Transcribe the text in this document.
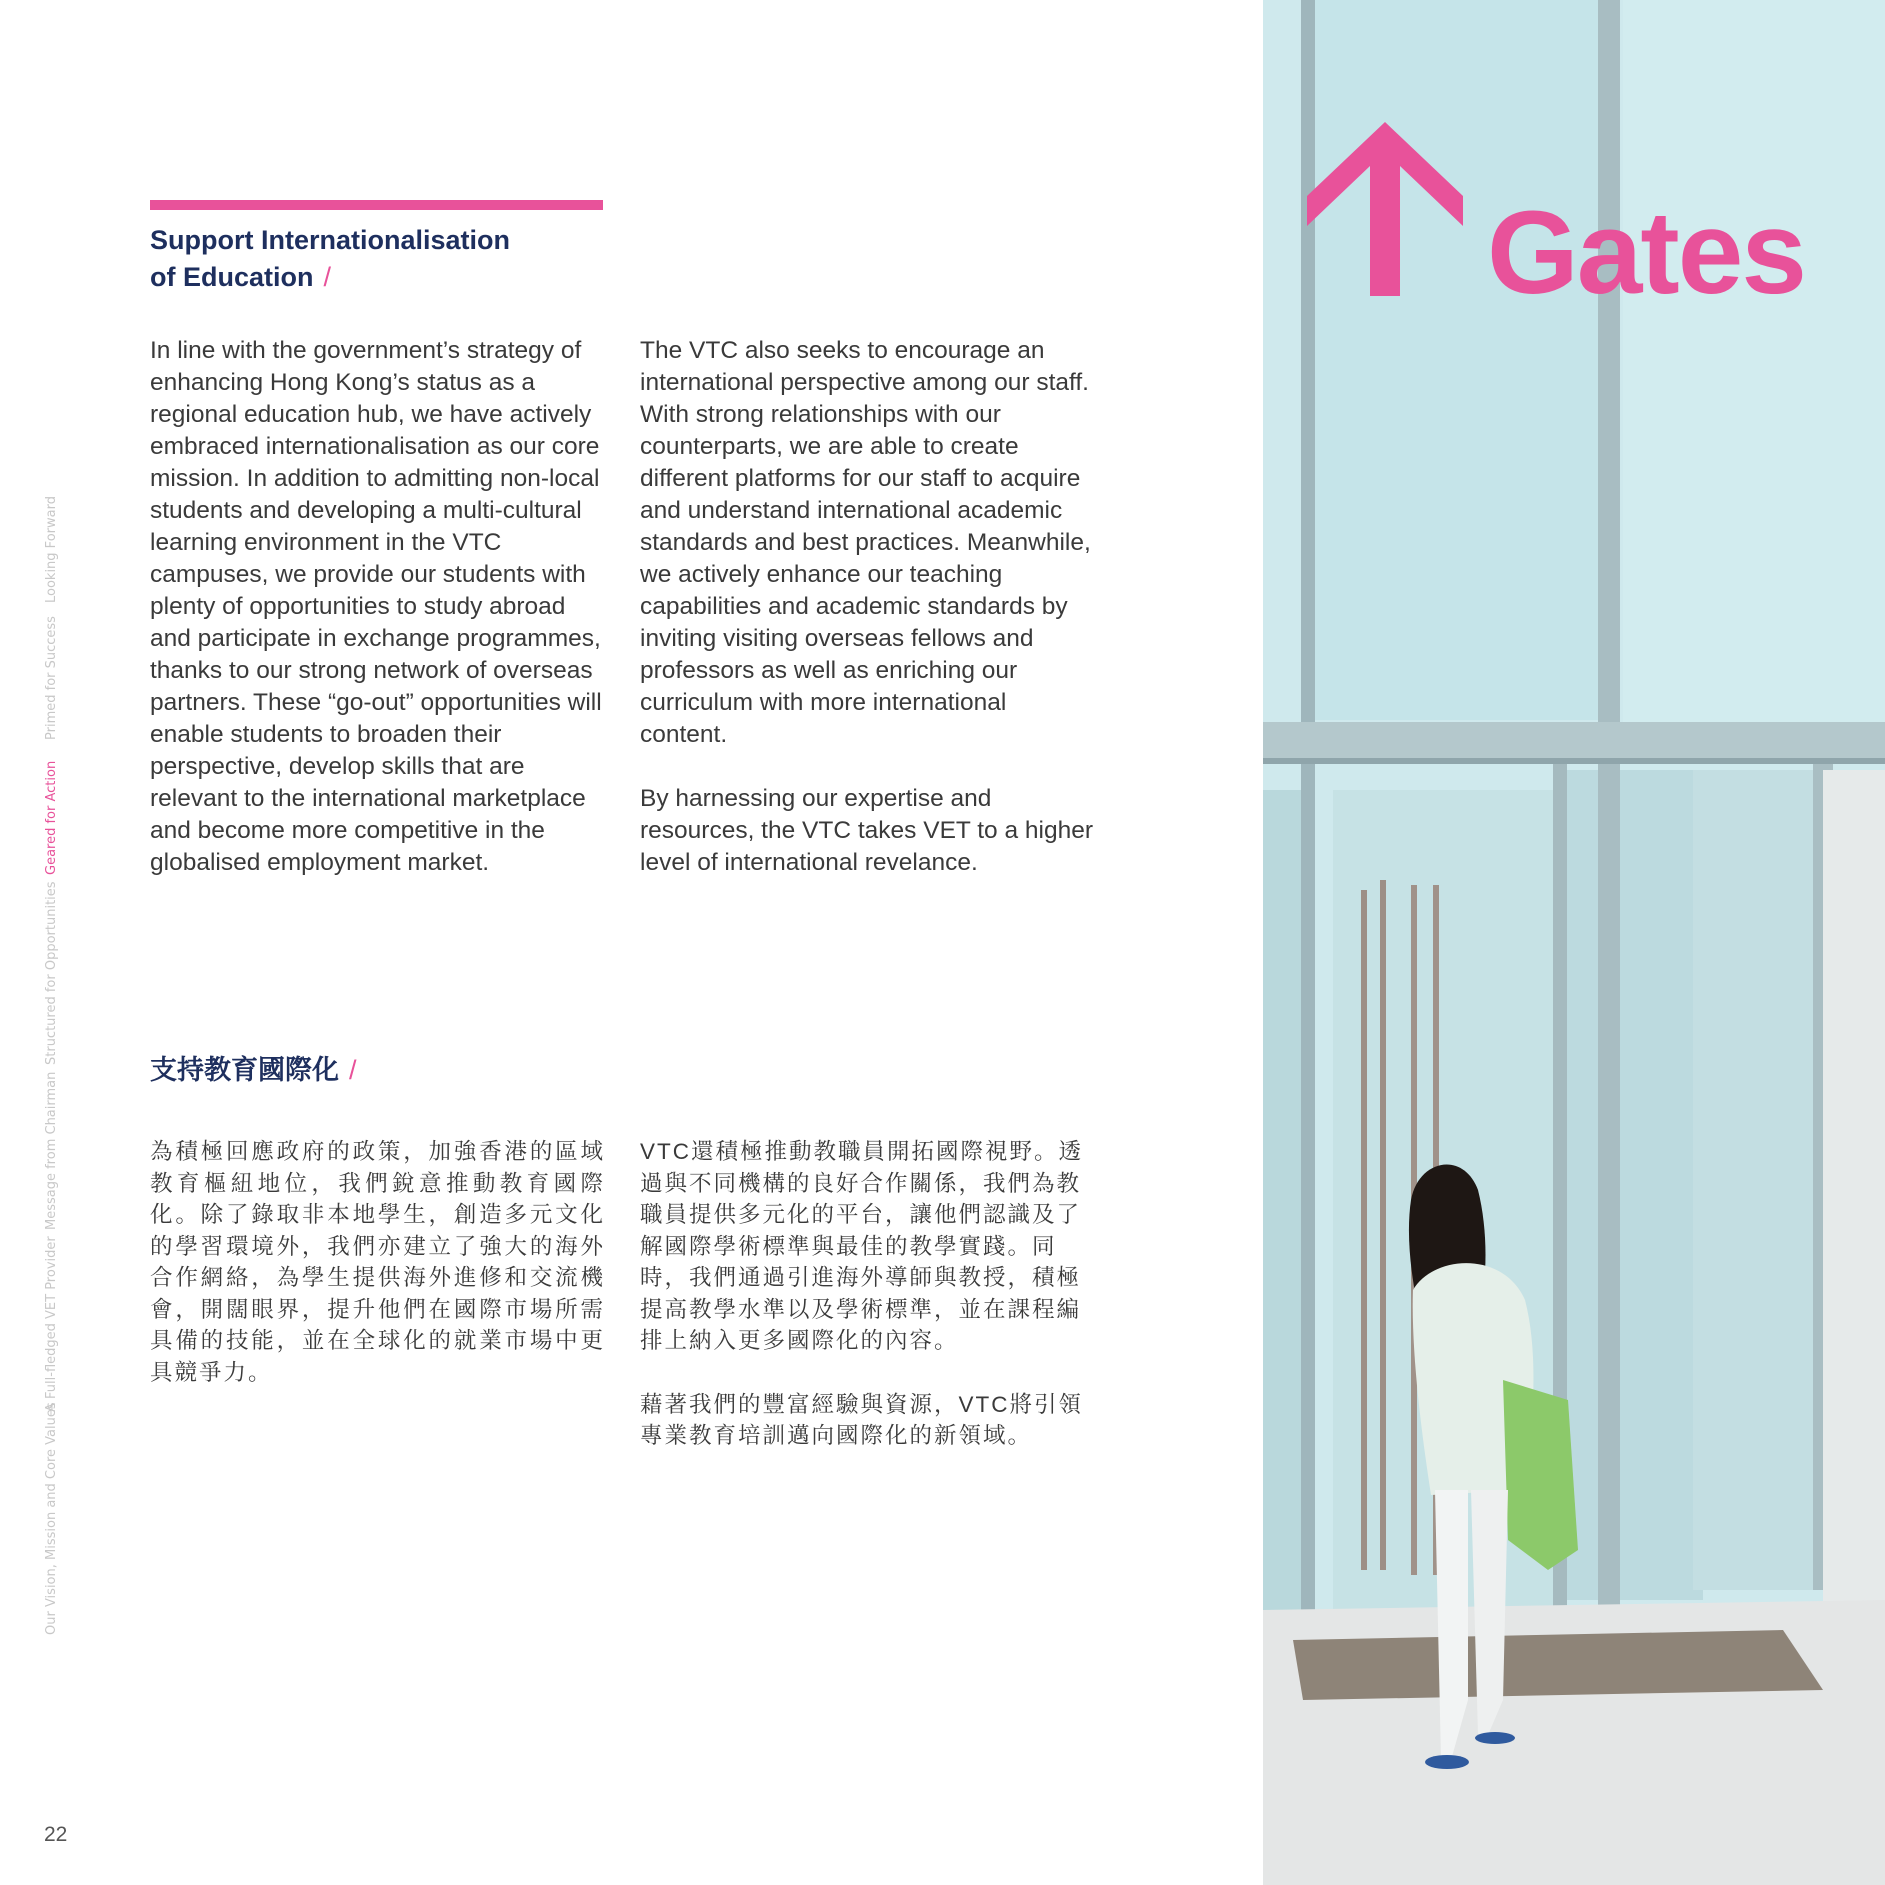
Support Internationalisation
of Education /

In line with the government’s strategy of enhancing Hong Kong’s status as a regional education hub, we have actively embraced internationalisation as our core mission. In addition to admitting non-local students and developing a multi-cultural learning environment in the VTC campuses, we provide our students with plenty of opportunities to study abroad and participate in exchange programmes, thanks to our strong network of overseas partners. These “go-out” opportunities will enable students to broaden their perspective, develop skills that are relevant to the international marketplace and become more competitive in the globalised employment market.

The VTC also seeks to encourage an international perspective among our staff. With strong relationships with our counterparts, we are able to create different platforms for our staff to acquire and understand international academic standards and best practices. Meanwhile, we actively enhance our teaching capabilities and academic standards by inviting visiting overseas fellows and professors as well as enriching our curriculum with more international content.

By harnessing our expertise and resources, the VTC takes VET to a higher level of international revelance.

支持教育國際化 /

為積極回應政府的政策，加強香港的區域教育樞紐地位，我們銳意推動教育國際化。除了錄取非本地學生，創造多元文化的學習環境外，我們亦建立了強大的海外合作網絡，為學生提供海外進修和交流機會，開闊眼界，提升他們在國際市場所需具備的技能，並在全球化的就業市場中更具競爭力。

VTC還積極推動教職員開拓國際視野。透過與不同機構的良好合作關係，我們為教職員提供多元化的平台，讓他們認識及了解國際學術標準與最佳的教學實踐。同時，我們通過引進海外導師與教授，積極提高教學水準以及學術標準，並在課程編排上納入更多國際化的內容。

藉著我們的豐富經驗與資源，VTC將引領專業教育培訓邁向國際化的新領域。

Looking Forward
Primed for Success
Geared for Action
Structured for Opportunities
Message from Chairman
A Full-fledged VET Provider
Our Vision, Mission and Core Values
22
Gates
